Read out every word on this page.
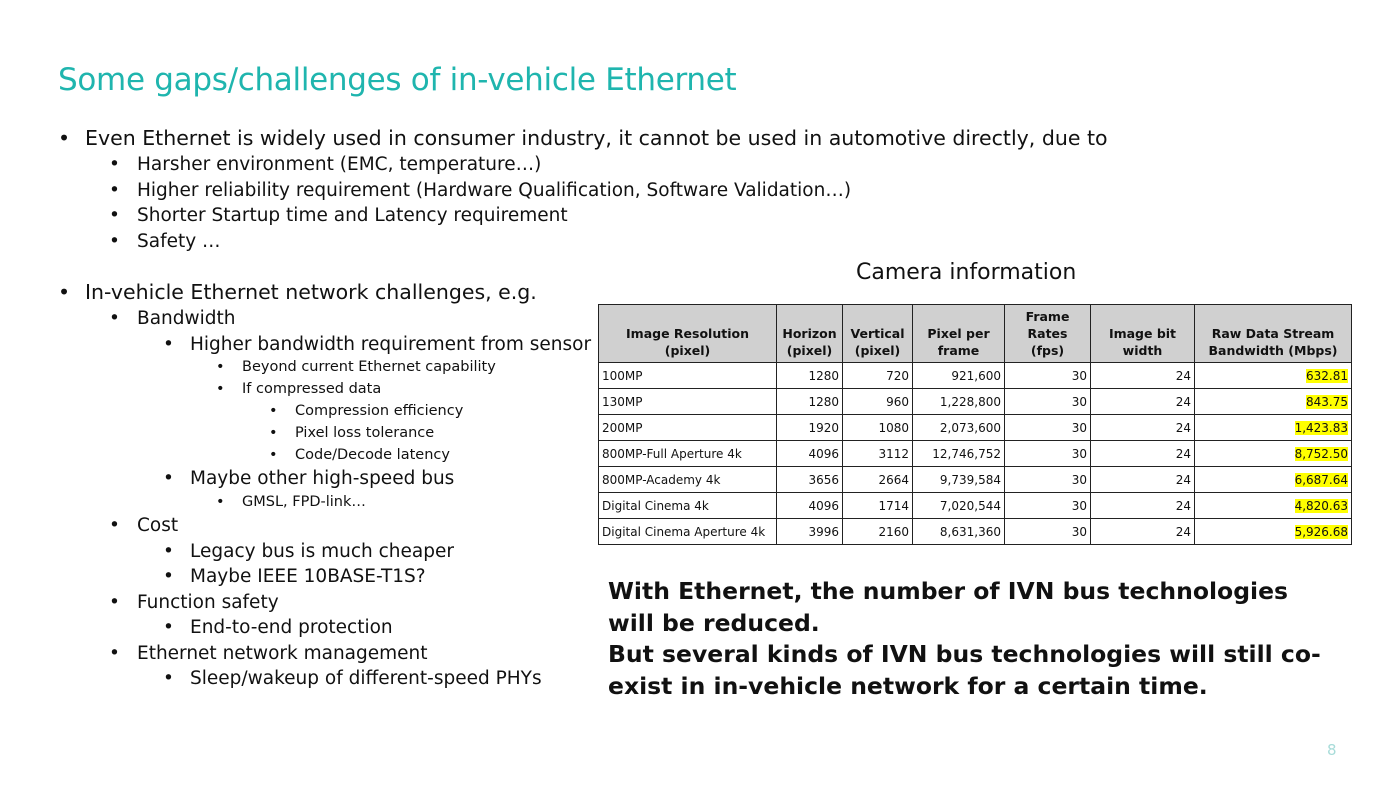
Some gaps/challenges of in-vehicle Ethernet
• Even Ethernet is widely used in consumer industry, it cannot be used in automotive directly, due to
• Harsher environment (EMC, temperature…)
• Higher reliability requirement (Hardware Qualification, Software Validation…)
• Shorter Startup time and Latency requirement
• Safety …
• In-vehicle Ethernet network challenges, e.g.
• Bandwidth
• Higher bandwidth requirement from sensor
• Beyond current Ethernet capability
• If compressed data
• Compression efficiency
• Pixel loss tolerance
• Code/Decode latency
• Maybe other high-speed bus
• GMSL, FPD-link…
• Cost
• Legacy bus is much cheaper
• Maybe IEEE 10BASE-T1S?
• Function safety
• End-to-end protection
• Ethernet network management
• Sleep/wakeup of different-speed PHYs
Camera information
Image Resolution (pixel)	Horizon (pixel)	Vertical (pixel)	Pixel per frame	Frame Rates (fps)	Image bit width	Raw Data Stream Bandwidth (Mbps)
100MP	1280	720	921,600	30	24	632.81
130MP	1280	960	1,228,800	30	24	843.75
200MP	1920	1080	2,073,600	30	24	1,423.83
800MP-Full Aperture 4k	4096	3112	12,746,752	30	24	8,752.50
800MP-Academy 4k	3656	2664	9,739,584	30	24	6,687.64
Digital Cinema 4k	4096	1714	7,020,544	30	24	4,820.63
Digital Cinema Aperture 4k	3996	2160	8,631,360	30	24	5,926.68
With Ethernet, the number of IVN bus technologies will be reduced.
But several kinds of IVN bus technologies will still co-exist in in-vehicle network for a certain time.
8
